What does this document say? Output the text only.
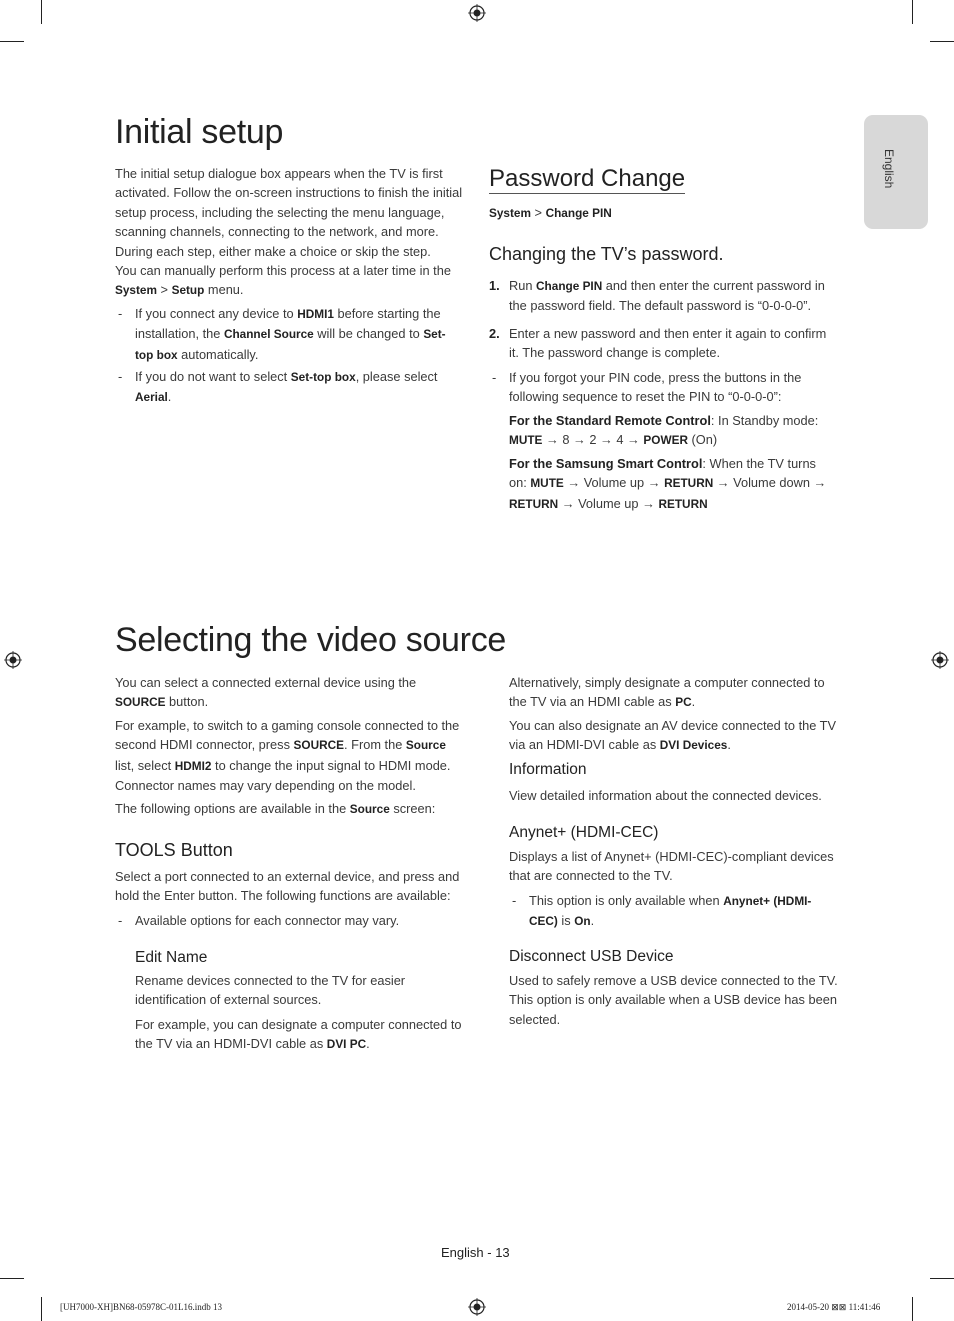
English
Initial setup

The initial setup dialogue box appears when the TV is first activated. Follow the on-screen instructions to finish the initial setup process, including the selecting the menu language, scanning channels, connecting to the network, and more. During each step, either make a choice or skip the step.
You can manually perform this process at a later time in the System > Setup menu.

- If you connect any device to HDMI1 before starting the installation, the Channel Source will be changed to Set-top box automatically.
- If you do not want to select Set-top box, please select Aerial.
Password Change

System > Change PIN

Changing the TV’s password.
1. Run Change PIN and then enter the current password in the password field. The default password is “0-0-0-0”.
2. Enter a new password and then enter it again to confirm it. The password change is complete.
- If you forgot your PIN code, press the buttons in the following sequence to reset the PIN to “0-0-0-0”:

For the Standard Remote Control: In Standby mode: MUTE → 8 → 2 → 4 → POWER (On)

For the Samsung Smart Control: When the TV turns on: MUTE → Volume up → RETURN → Volume down → RETURN → Volume up → RETURN

Selecting the video source

You can select a connected external device using the SOURCE button.

For example, to switch to a gaming console connected to the second HDMI connector, press SOURCE. From the Source list, select HDMI2 to change the input signal to HDMI mode. Connector names may vary depending on the model.

The following options are available in the Source screen:

TOOLS Button

Select a port connected to an external device, and press and hold the Enter button. The following functions are available:

- Available options for each connector may vary.
Edit Name

Rename devices connected to the TV for easier identification of external sources.

For example, you can designate a computer connected to the TV via an HDMI-DVI cable as DVI PC.

Alternatively, simply designate a computer connected to the TV via an HDMI cable as PC.

You can also designate an AV device connected to the TV via an HDMI-DVI cable as DVI Devices.

Information

View detailed information about the connected devices.

Anynet+ (HDMI-CEC)

Displays a list of Anynet+ (HDMI-CEC)-compliant devices that are connected to the TV.

- This option is only available when Anynet+ (HDMI-CEC) is On.
Disconnect USB Device

Used to safely remove a USB device connected to the TV. This option is only available when a USB device has been selected.

English - 13
[UH7000-XH]BN68-05978C-01L16.indb 13	2014-05-20 ⊠⊠ 11:41:46
